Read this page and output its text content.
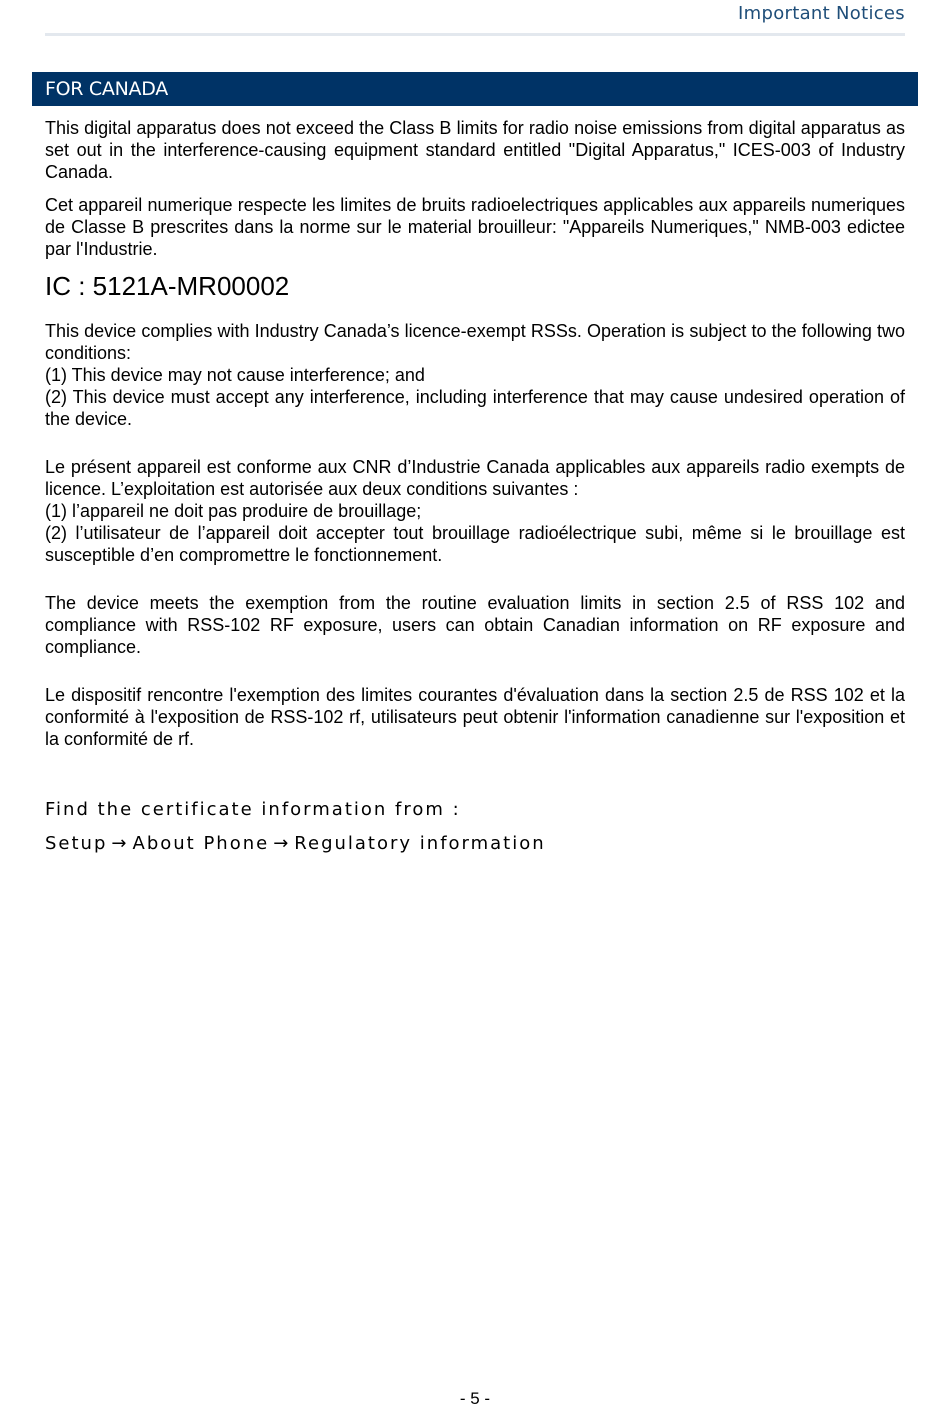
Important Notices
FOR CANADA

This digital apparatus does not exceed the Class B limits for radio noise emissions from digital apparatus as set out in the interference-causing equipment standard entitled "Digital Apparatus," ICES-003 of Industry Canada.

Cet appareil numerique respecte les limites de bruits radioelectriques applicables aux appareils numeriques de Classe B prescrites dans la norme sur le material brouilleur: "Appareils Numeriques," NMB-003 edictee par l'Industrie.

IC : 5121A-MR00002

This device complies with Industry Canada’s licence-exempt RSSs. Operation is subject to the following two conditions:
(1) This device may not cause interference; and
(2) This device must accept any interference, including interference that may cause undesired operation of the device.

Le présent appareil est conforme aux CNR d’Industrie Canada applicables aux appareils radio exempts de licence. L’exploitation est autorisée aux deux conditions suivantes :
(1) l’appareil ne doit pas produire de brouillage;
(2) l’utilisateur de l’appareil doit accepter tout brouillage radioélectrique subi, même si le brouillage est susceptible d’en compromettre le fonctionnement.

The device meets the exemption from the routine evaluation limits in section 2.5 of RSS 102 and compliance with RSS-102 RF exposure, users can obtain Canadian information on RF exposure and compliance.

Le dispositif rencontre l'exemption des limites courantes d'évaluation dans la section 2.5 de RSS 102 et la conformité à l'exposition de RSS-102 rf, utilisateurs peut obtenir l'information canadienne sur l'exposition et la conformité de rf.

Find the certificate information from :

Setup → About Phone → Regulatory information

- 5 -
